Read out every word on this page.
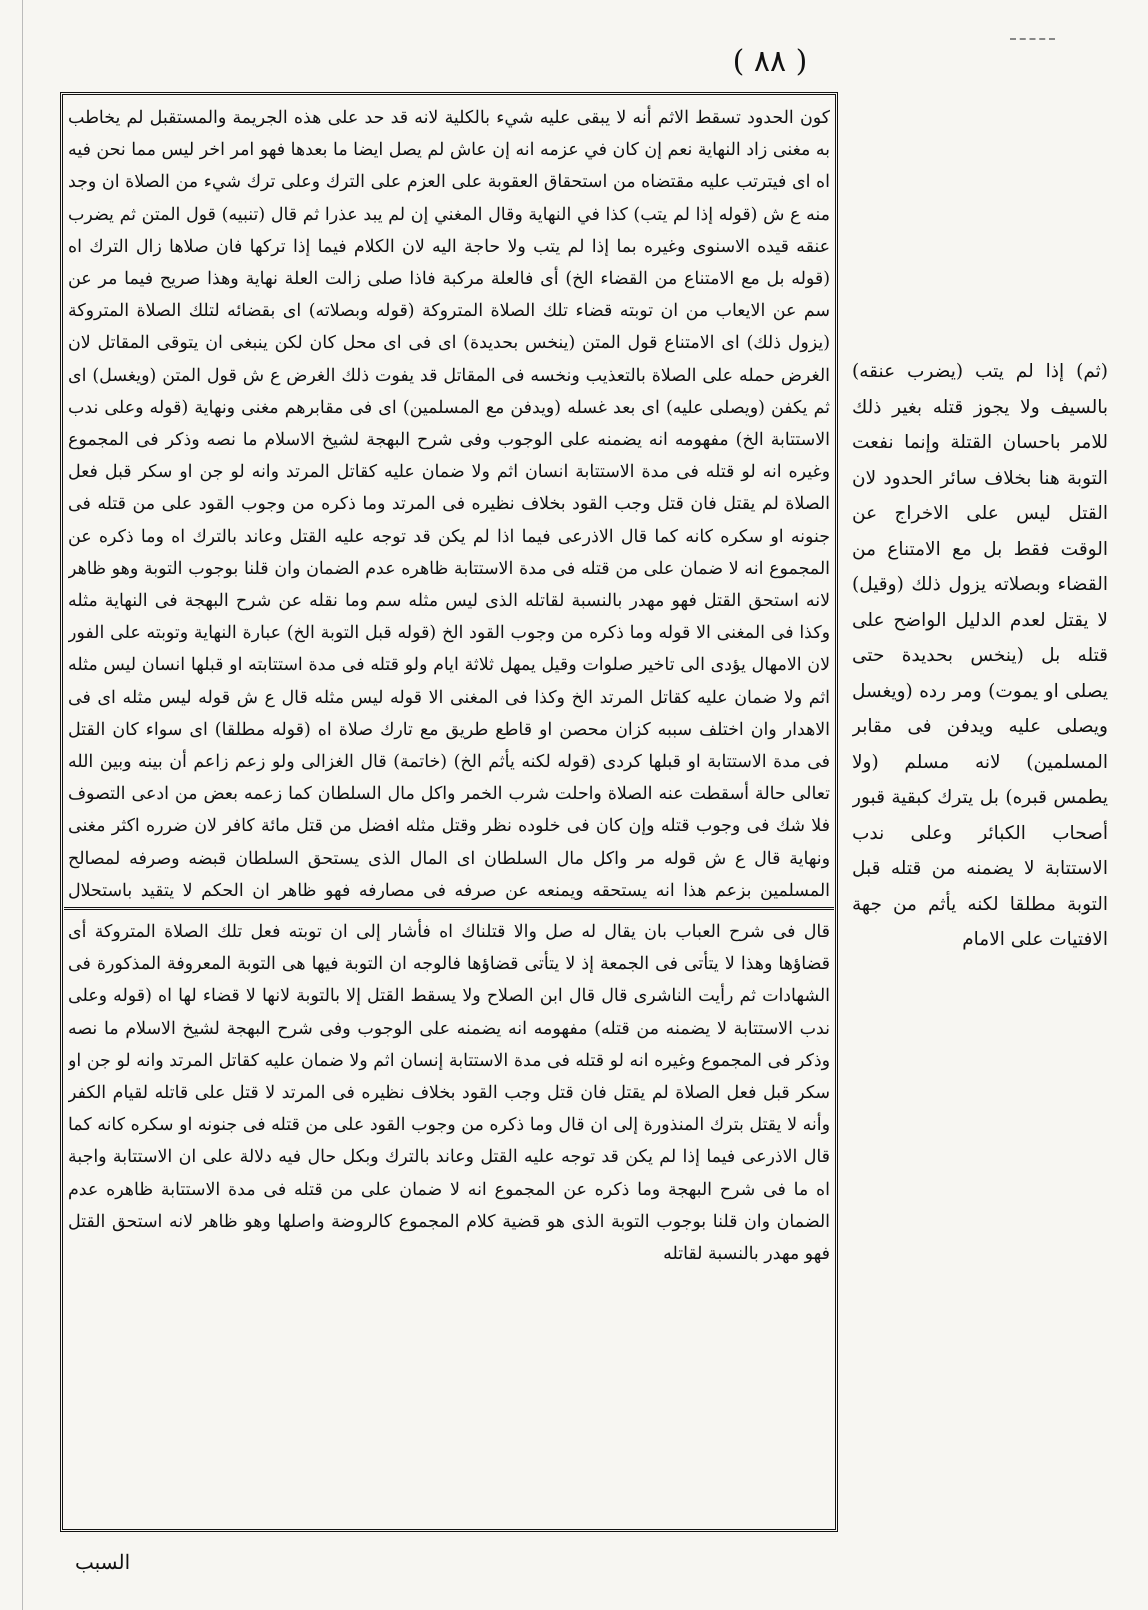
( ٨٨ )
كون الحدود تسقط الاثم أنه لا يبقى عليه شيء بالكلية لانه قد حد على هذه الجريمة والمستقبل لم يخاطب به مغنى زاد النهاية نعم إن كان في عزمه انه إن عاش لم يصل ايضا ما بعدها فهو امر اخر ليس مما نحن فيه اه اى فيترتب عليه مقتضاه من استحقاق العقوبة على العزم على الترك وعلى ترك شيء من الصلاة ان وجد منه ع ش (قوله إذا لم يتب) كذا في النهاية وقال المغني إن لم يبد عذرا ثم قال (تنبيه) قول المتن ثم يضرب عنقه قيده الاسنوى وغيره بما إذا لم يتب ولا حاجة اليه لان الكلام فيما إذا تركها فان صلاها زال الترك اه (قوله بل مع الامتناع من القضاء الخ) أى فالعلة مركبة فاذا صلى زالت العلة نهاية وهذا صريح فيما مر عن سم عن الايعاب من ان توبته قضاء تلك الصلاة المتروكة (قوله وبصلاته) اى بقضائه لتلك الصلاة المتروكة (يزول ذلك) اى الامتناع قول المتن (ينخس بحديدة) اى فى اى محل كان لكن ينبغى ان يتوقى المقاتل لان الغرض حمله على الصلاة بالتعذيب ونخسه فى المقاتل قد يفوت ذلك الغرض ع ش قول المتن (ويغسل) اى ثم يكفن (ويصلى عليه) اى بعد غسله (ويدفن مع المسلمين) اى فى مقابرهم مغنى ونهاية (قوله وعلى ندب الاستتابة الخ) مفهومه انه يضمنه على الوجوب وفى شرح البهجة لشيخ الاسلام ما نصه وذكر فى المجموع وغيره انه لو قتله فى مدة الاستتابة انسان اثم ولا ضمان عليه كقاتل المرتد وانه لو جن او سكر قبل فعل الصلاة لم يقتل فان قتل وجب القود بخلاف نظيره فى المرتد وما ذكره من وجوب القود على من قتله فى جنونه او سكره كانه كما قال الاذرعى فيما اذا لم يكن قد توجه عليه القتل وعاند بالترك اه وما ذكره عن المجموع انه لا ضمان على من قتله فى مدة الاستتابة ظاهره عدم الضمان وان قلنا بوجوب التوبة وهو ظاهر لانه استحق القتل فهو مهدر بالنسبة لقاتله الذى ليس مثله سم وما نقله عن شرح البهجة فى النهاية مثله وكذا فى المغنى الا قوله وما ذكره من وجوب القود الخ (قوله قبل التوبة الخ) عبارة النهاية وتوبته على الفور لان الامهال يؤدى الى تاخير صلوات وقيل يمهل ثلاثة ايام ولو قتله فى مدة استتابته او قبلها انسان ليس مثله اثم ولا ضمان عليه كقاتل المرتد الخ وكذا فى المغنى الا قوله ليس مثله قال ع ش قوله ليس مثله اى فى الاهدار وان اختلف سببه كزان محصن او قاطع طريق مع تارك صلاة اه (قوله مطلقا) اى سواء كان القتل فى مدة الاستتابة او قبلها كردى (قوله لكنه يأثم الخ) (خاتمة) قال الغزالى ولو زعم زاعم أن بينه وبين الله تعالى حالة أسقطت عنه الصلاة واحلت شرب الخمر واكل مال السلطان كما زعمه بعض من ادعى التصوف فلا شك فى وجوب قتله وإن كان فى خلوده نظر وقتل مثله افضل من قتل مائة كافر لان ضرره اكثر مغنى ونهاية قال ع ش قوله مر واكل مال السلطان اى المال الذى يستحق السلطان قبضه وصرفه لمصالح المسلمين بزعم هذا انه يستحقه ويمنعه عن صرفه فى مصارفه فهو ظاهر ان الحكم لا يتقيد باستحلال
قال فى شرح العباب بان يقال له صل والا قتلناك اه فأشار إلى ان توبته فعل تلك الصلاة المتروكة أى قضاؤها وهذا لا يتأتى فى الجمعة إذ لا يتأتى قضاؤها فالوجه ان التوبة فيها هى التوبة المعروفة المذكورة فى الشهادات ثم رأيت الناشرى قال قال ابن الصلاح ولا يسقط القتل إلا بالتوبة لانها لا قضاء لها اه (قوله وعلى ندب الاستتابة لا يضمنه من قتله) مفهومه انه يضمنه على الوجوب وفى شرح البهجة لشيخ الاسلام ما نصه وذكر فى المجموع وغيره انه لو قتله فى مدة الاستتابة إنسان اثم ولا ضمان عليه كقاتل المرتد وانه لو جن او سكر قبل فعل الصلاة لم يقتل فان قتل وجب القود بخلاف نظيره فى المرتد لا قتل على قاتله لقيام الكفر وأنه لا يقتل بترك المنذورة إلى ان قال وما ذكره من وجوب القود على من قتله فى جنونه او سكره كانه كما قال الاذرعى فيما إذا لم يكن قد توجه عليه القتل وعاند بالترك وبكل حال فيه دلالة على ان الاستتابة واجبة اه ما فى شرح البهجة وما ذكره عن المجموع انه لا ضمان على من قتله فى مدة الاستتابة ظاهره عدم الضمان وان قلنا بوجوب التوبة الذى هو قضية كلام المجموع كالروضة واصلها وهو ظاهر لانه استحق القتل فهو مهدر بالنسبة لقاتله
(ثم) إذا لم يتب (يضرب عنقه) بالسيف ولا يجوز قتله بغير ذلك للامر باحسان القتلة وإنما نفعت التوبة هنا بخلاف سائر الحدود لان القتل ليس على الاخراج عن الوقت فقط بل مع الامتناع من القضاء وبصلاته يزول ذلك (وقيل) لا يقتل لعدم الدليل الواضح على قتله بل (ينخس بحديدة حتى يصلى او يموت) ومر رده (ويغسل ويصلى عليه ويدفن فى مقابر المسلمين) لانه مسلم (ولا يطمس قبره) بل يترك كبقية قبور أصحاب الكبائر وعلى ندب الاستتابة لا يضمنه من قتله قبل التوبة مطلقا لكنه يأثم من جهة الافتيات على الامام
السبب
